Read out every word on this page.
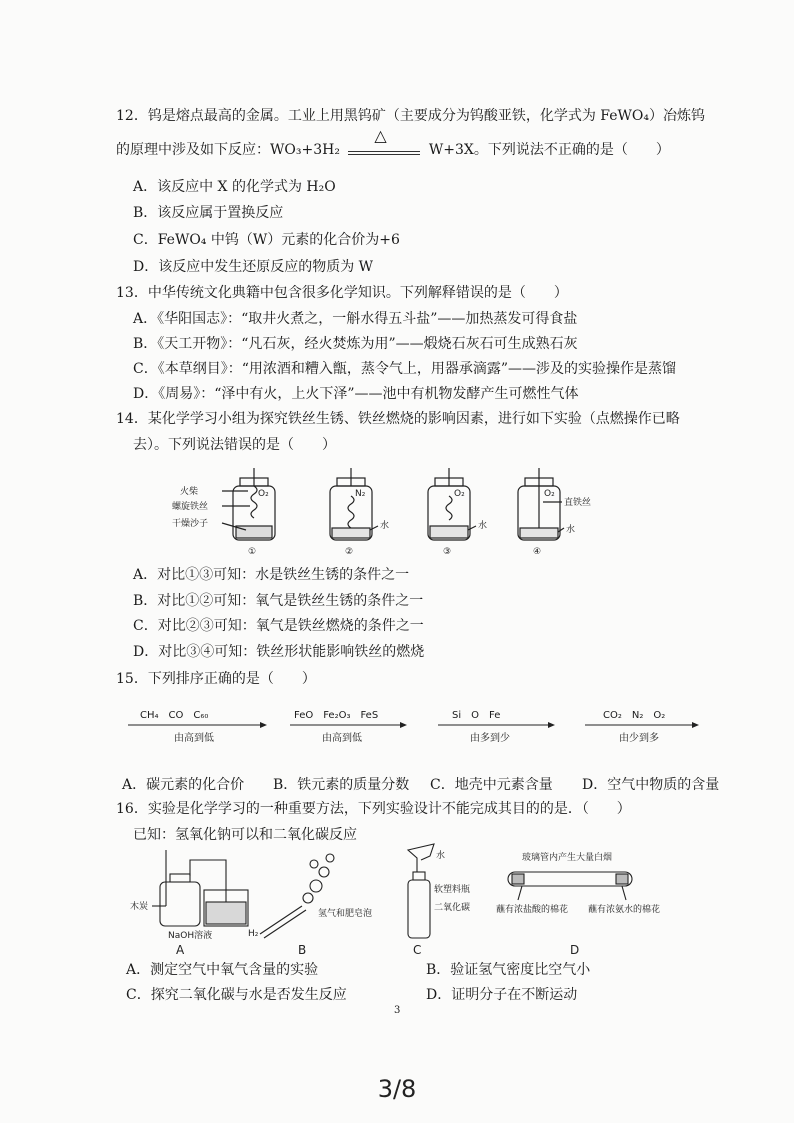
12．钨是熔点最高的金属。工业上用黑钨矿（主要成分为钨酸亚铁，化学式为 FeWO₄）冶炼钨
的原理中涉及如下反应：WO₃+3H₂
△
W+3X。下列说法不正确的是（　　）
A．该反应中 X 的化学式为 H₂O
B．该反应属于置换反应
C．FeWO₄ 中钨（W）元素的化合价为+6
D．该反应中发生还原反应的物质为 W
13．中华传统文化典籍中包含很多化学知识。下列解释错误的是（　　）
A．《华阳国志》：“取井火煮之，一斛水得五斗盐”——加热蒸发可得食盐
B．《天工开物》：“凡石灰，经火焚炼为用”——煅烧石灰石可生成熟石灰
C．《本草纲目》：“用浓酒和糟入甑，蒸令气上，用器承滴露”——涉及的实验操作是蒸馏
D．《周易》：“泽中有火，上火下泽”——池中有机物发酵产生可燃性气体
14．某化学学习小组为探究铁丝生锈、铁丝燃烧的影响因素，进行如下实验（点燃操作已略
去）。下列说法错误的是（　　）
火柴
螺旋铁丝
干燥沙子
O₂	N₂
水
O₂
水
O₂
直铁丝
水
①	②	③	④
A．对比①③可知：水是铁丝生锈的条件之一
B．对比①②可知：氧气是铁丝生锈的条件之一
C．对比②③可知：氧气是铁丝燃烧的条件之一
D．对比③④可知：铁丝形状能影响铁丝的燃烧
15．下列排序正确的是（　　）
CH₄　CO　C₆₀
由高到低
FeO　Fe₂O₃　FeS
由高到低
Si　O　Fe
由多到少
CO₂　N₂　O₂
由少到多
A．碳元素的化合价 B．铁元素的质量分数 C．地壳中元素含量 D．空气中物质的含量
16．实验是化学学习的一种重要方法，下列实验设计不能完成其目的的是．（　　）
已知：氢氧化钠可以和二氧化碳反应
木炭
NaOH溶液
氢气和肥皂泡
H₂
水
软塑料瓶
二氧化碳
玻璃管内产生大量白烟
蘸有浓盐酸的棉花 蘸有浓氨水的棉花
A	B	C	D
A．测定空气中氧气含量的实验	B．验证氢气密度比空气小
C．探究二氧化碳与水是否发生反应	D．证明分子在不断运动
3
3/8
